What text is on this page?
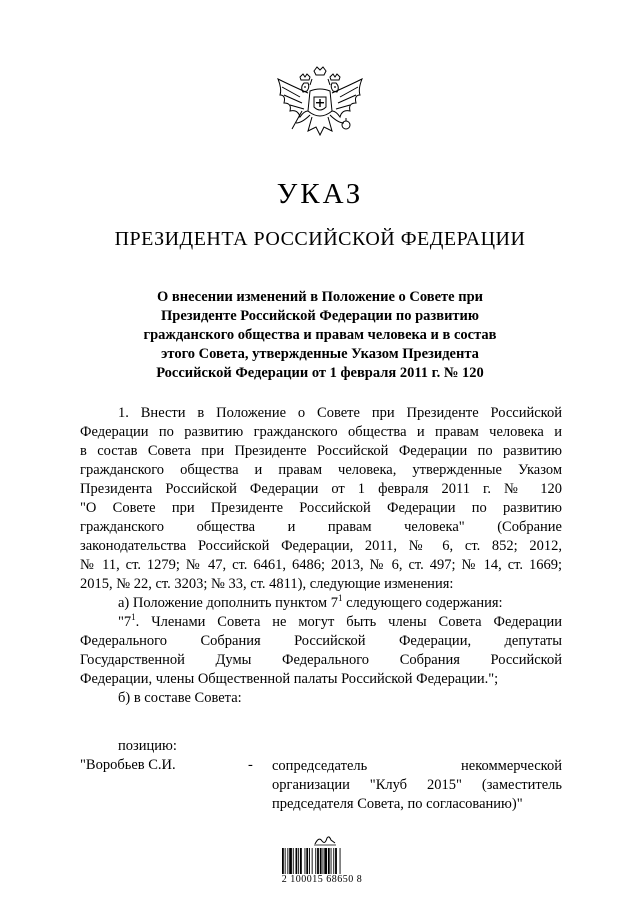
УКАЗ
ПРЕЗИДЕНТА РОССИЙСКОЙ ФЕДЕРАЦИИ
О внесении изменений в Положение о Совете при
Президенте Российской Федерации по развитию
гражданского общества и правам человека и в состав
этого Совета, утвержденные Указом Президента
Российской Федерации от 1 февраля 2011 г. № 120
1. Внести в Положение о Совете при Президенте Российской
Федерации по развитию гражданского общества и правам человека и
в состав Совета при Президенте Российской Федерации по развитию
гражданского общества и правам человека, утвержденные Указом
Президента Российской Федерации от 1 февраля 2011 г. № 120
"О Совете при Президенте Российской Федерации по развитию
гражданского общества и правам человека" (Собрание
законодательства Российской Федерации, 2011, № 6, ст. 852; 2012,
№ 11, ст. 1279; № 47, ст. 6461, 6486; 2013, № 6, ст. 497; № 14, ст. 1669;
2015, № 22, ст. 3203; № 33, ст. 4811), следующие изменения:
а) Положение дополнить пунктом $7^1$ следующего содержания:
"$7^1$. Членами Совета не могут быть члены Совета Федерации
Федерального Собрания Российской Федерации, депутаты
Государственной Думы Федерального Собрания Российской
Федерации, члены Общественной палаты Российской Федерации.";
б) в составе Совета:
позицию:
"Воробьев С.И.	- сопредседатель некоммерческой
организации "Клуб 2015" (заместитель
председателя Совета, по согласованию)"
2 100015 68650 8
